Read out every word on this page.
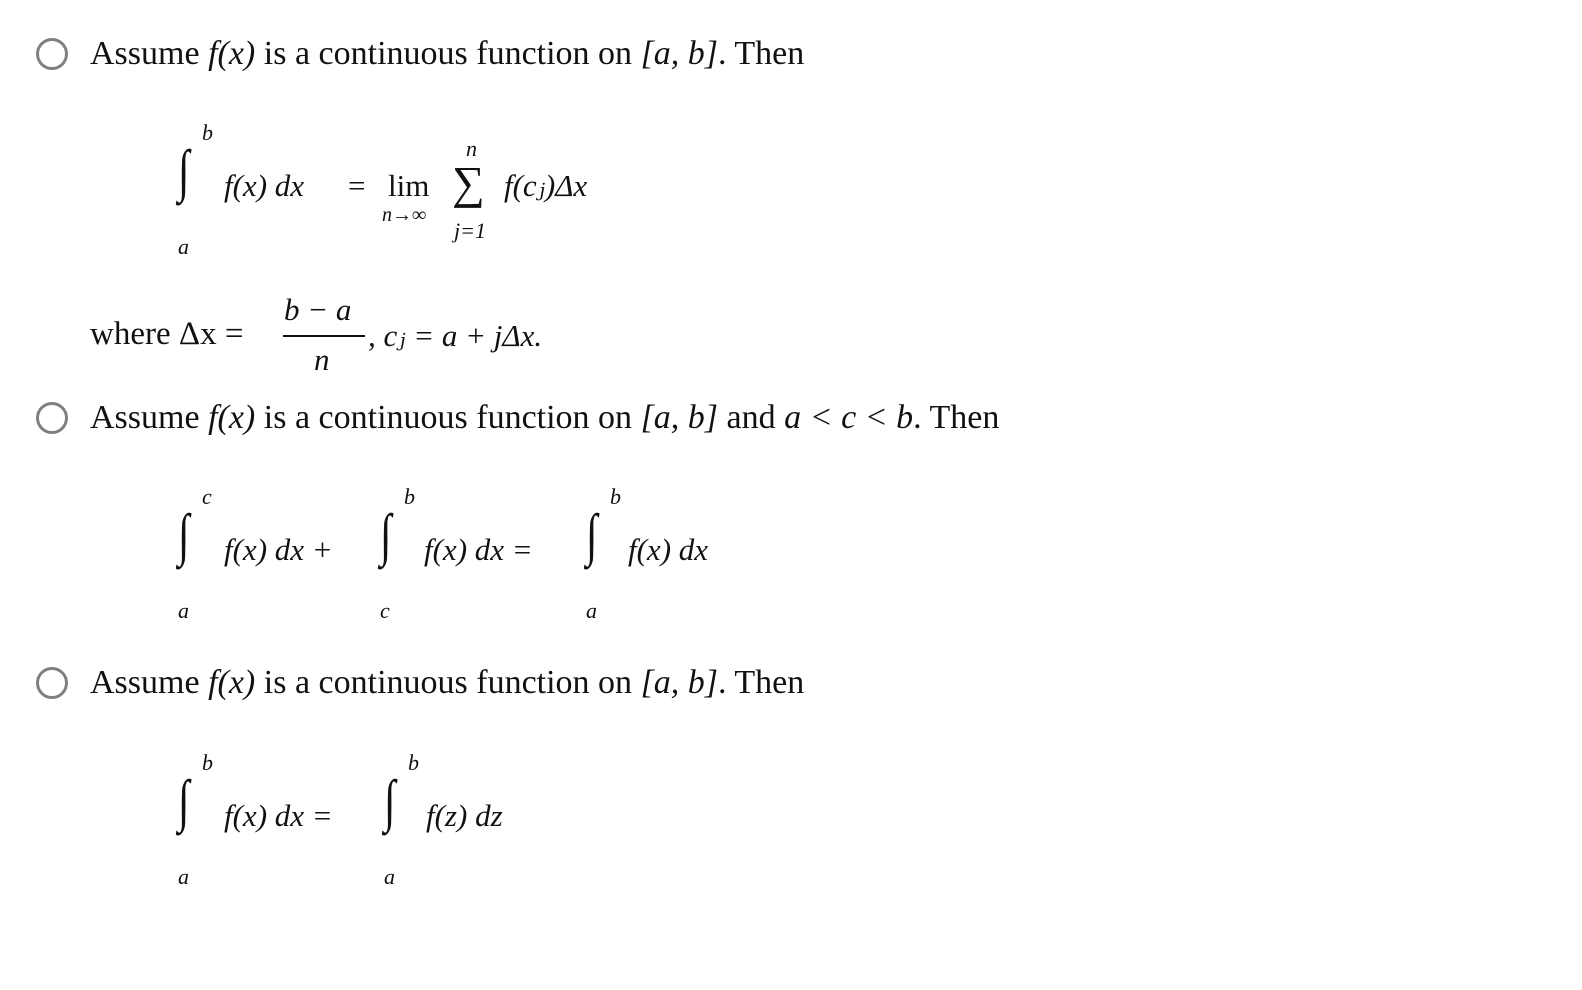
Assume f(x) is a continuous function on [a, b]. Then
b
∫
a
f(x) dx = lim
n→∞
n
∑
j=1
f(cⱼ)Δx
where Δx =
b − a
n
, cⱼ = a + jΔx.
Assume f(x) is a continuous function on [a, b] and a < c < b. Then
c
∫
a
f(x) dx +
b
∫
c
f(x) dx =
b
∫
a
f(x) dx
Assume f(x) is a continuous function on [a, b]. Then
b
∫
a
f(x) dx =
b
∫
a
f(z) dz
